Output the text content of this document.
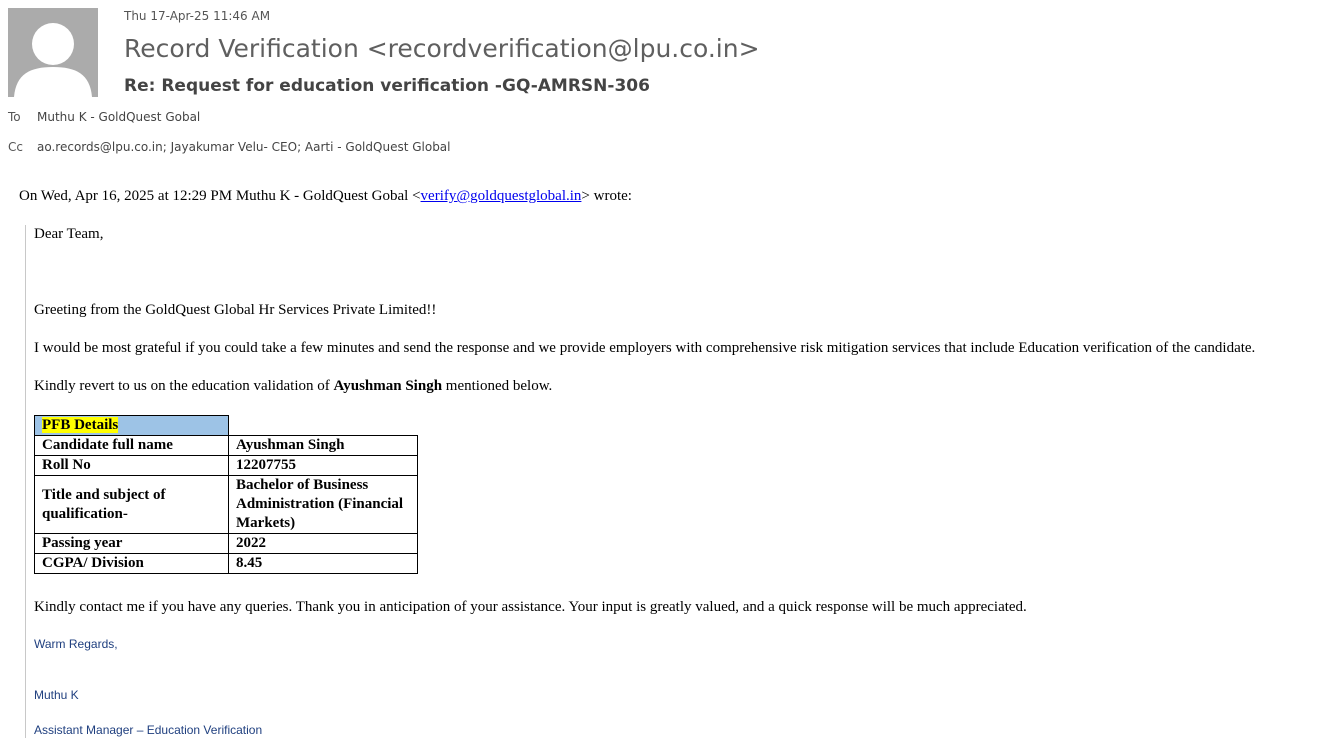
Thu 17-Apr-25 11:46 AM
Record Verification <recordverification@lpu.co.in>
Re: Request for education verification -GQ-AMRSN-306
To Muthu K - GoldQuest Gobal
Cc ao.records@lpu.co.in; Jayakumar Velu- CEO; Aarti - GoldQuest Global
On Wed, Apr 16, 2025 at 12:29 PM Muthu K - GoldQuest Gobal <verify@goldquestglobal.in> wrote:
Dear Team,
Greeting from the GoldQuest Global Hr Services Private Limited!!
I would be most grateful if you could take a few minutes and send the response and we provide employers with comprehensive risk mitigation services that include Education verification of the candidate.
Kindly revert to us on the education validation of Ayushman Singh mentioned below.
PFB Details	
Candidate full name	Ayushman Singh
Roll No	12207755
Title and subject of qualification-	Bachelor of Business Administration (Financial Markets)
Passing year	2022
CGPA/ Division	8.45
Kindly contact me if you have any queries. Thank you in anticipation of your assistance. Your input is greatly valued, and a quick response will be much appreciated.
Warm Regards,
Muthu K
Assistant Manager – Education Verification
